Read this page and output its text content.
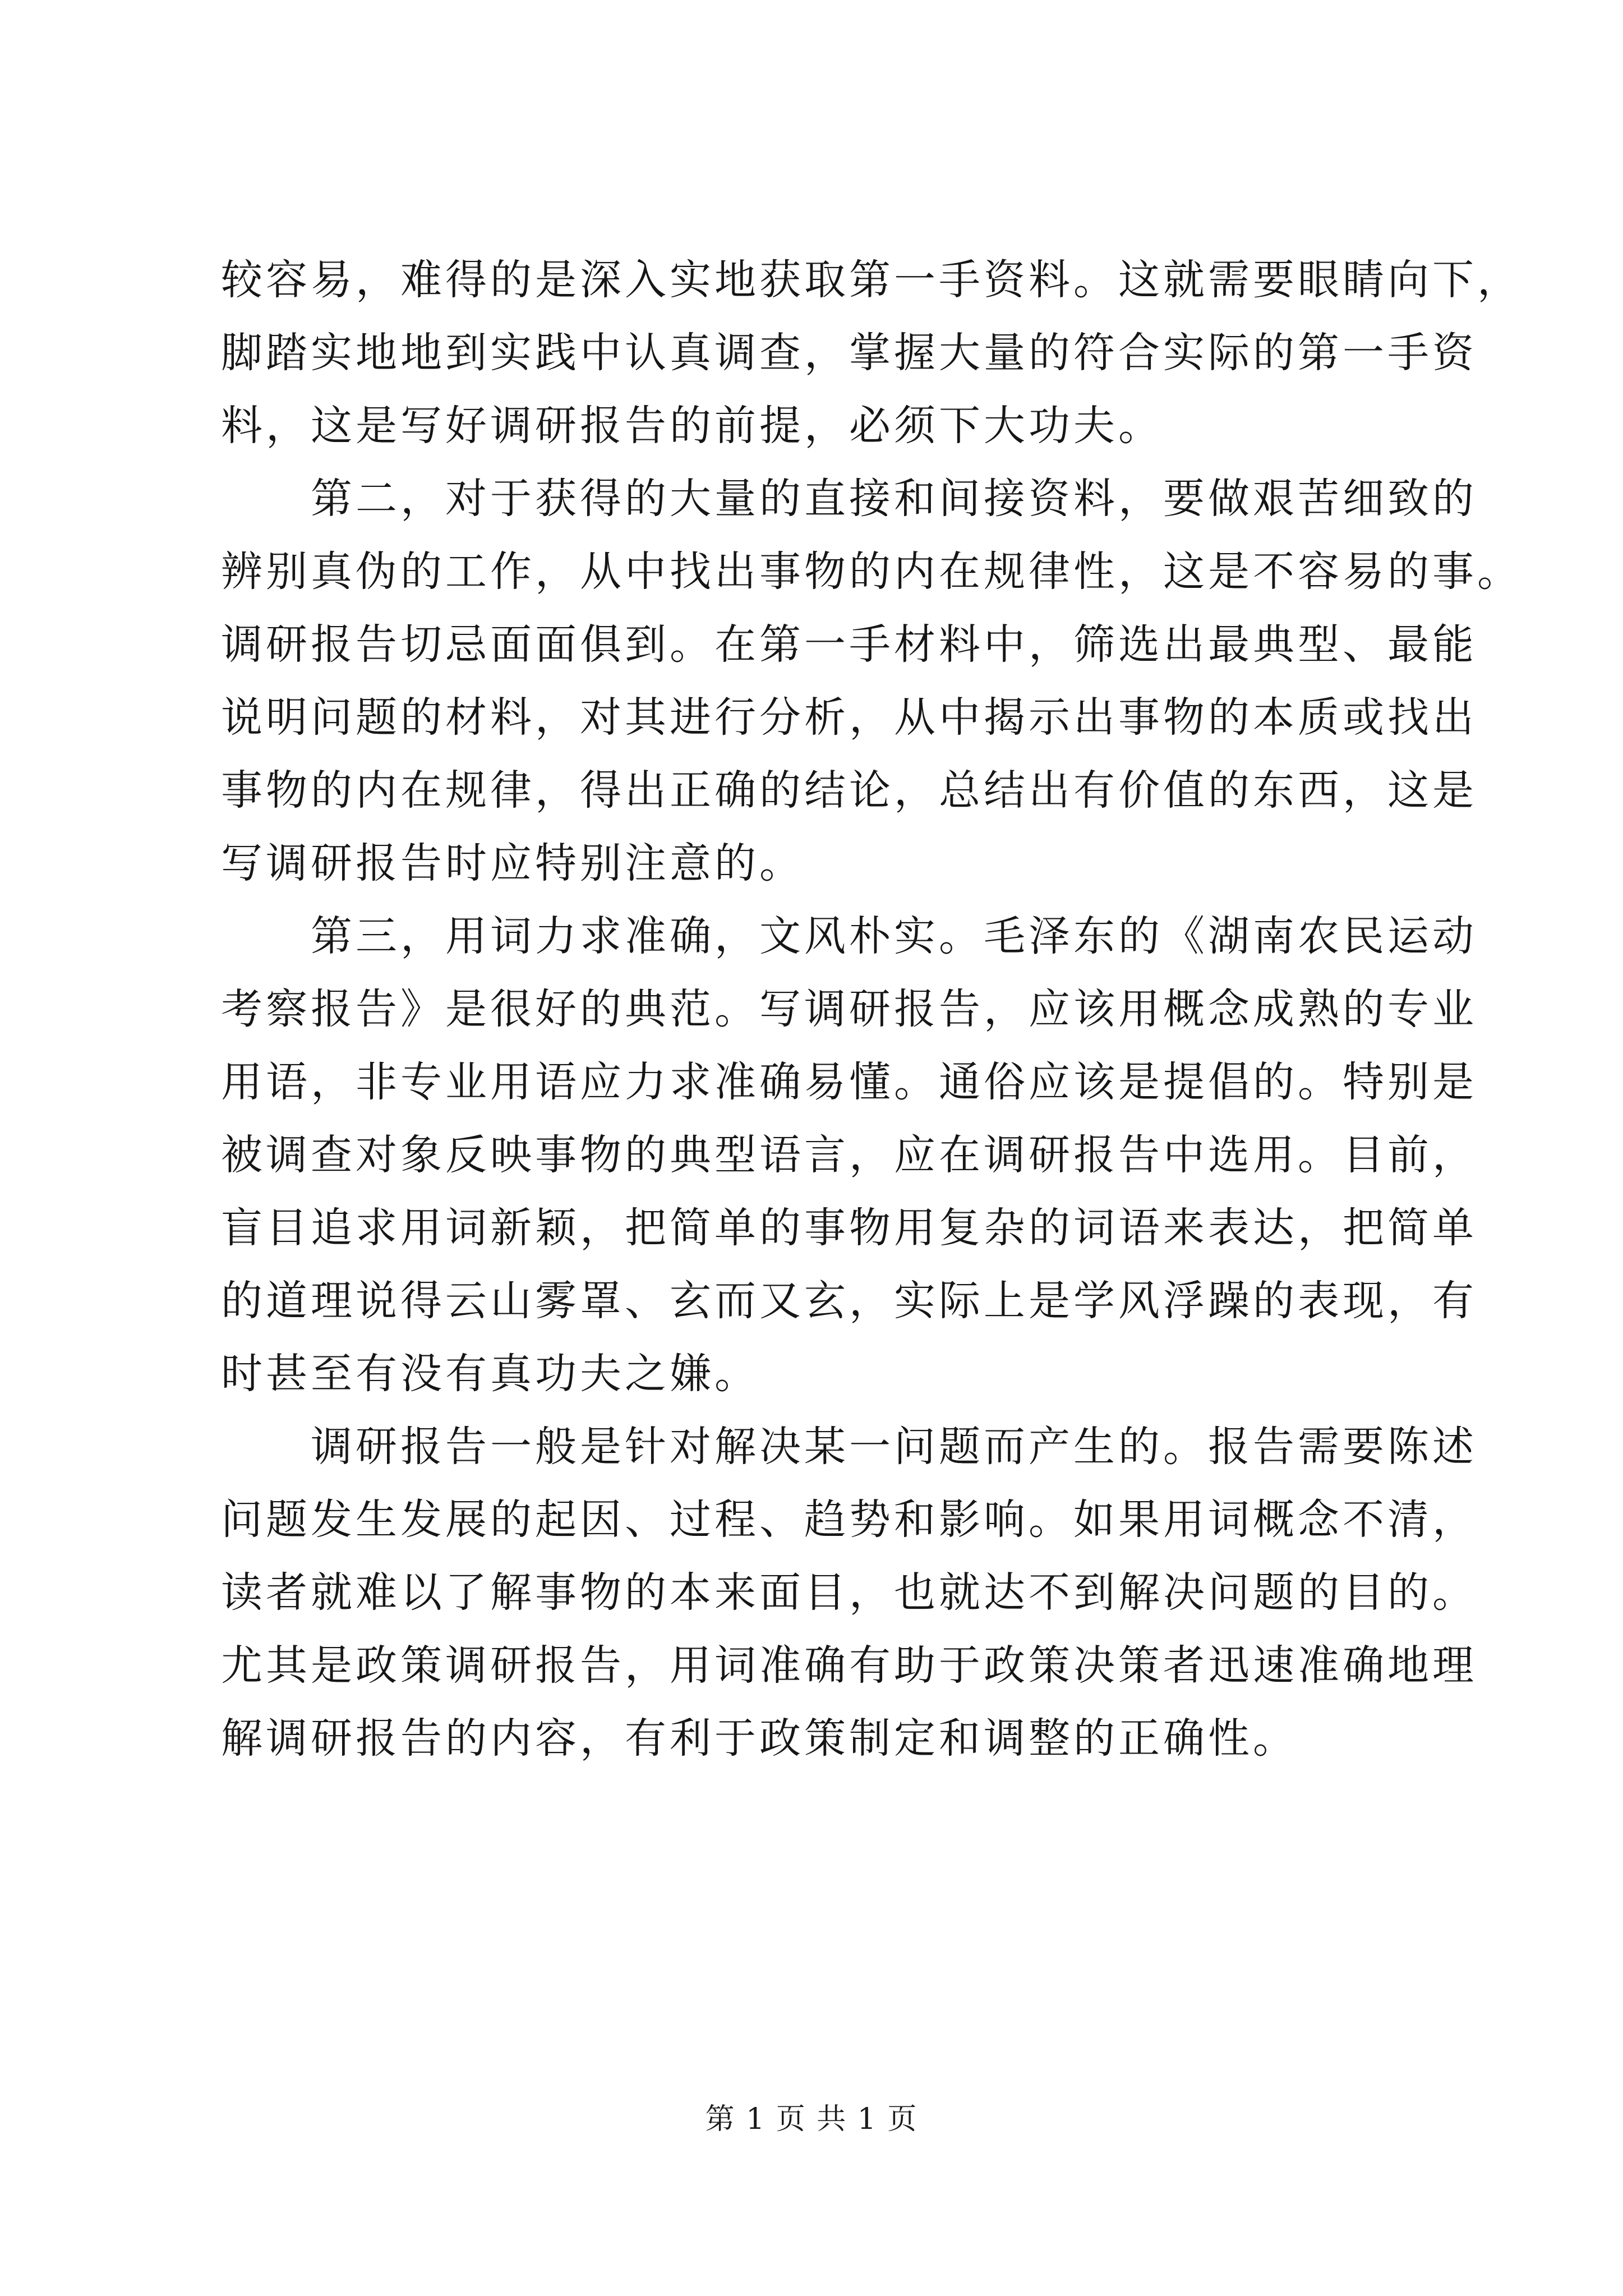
较容易，难得的是深入实地获取第一手资料。这就需要眼睛向下，
脚踏实地地到实践中认真调查，掌握大量的符合实际的第一手资
料，这是写好调研报告的前提，必须下大功夫。

第二，对于获得的大量的直接和间接资料，要做艰苦细致的
辨别真伪的工作，从中找出事物的内在规律性，这是不容易的事。
调研报告切忌面面俱到。在第一手材料中，筛选出最典型、最能
说明问题的材料，对其进行分析，从中揭示出事物的本质或找出
事物的内在规律，得出正确的结论，总结出有价值的东西，这是
写调研报告时应特别注意的。

第三，用词力求准确，文风朴实。毛泽东的《湖南农民运动
考察报告》是很好的典范。写调研报告，应该用概念成熟的专业
用语，非专业用语应力求准确易懂。通俗应该是提倡的。特别是
被调查对象反映事物的典型语言，应在调研报告中选用。目前，
盲目追求用词新颖，把简单的事物用复杂的词语来表达，把简单
的道理说得云山雾罩、玄而又玄，实际上是学风浮躁的表现，有
时甚至有没有真功夫之嫌。

调研报告一般是针对解决某一问题而产生的。报告需要陈述
问题发生发展的起因、过程、趋势和影响。如果用词概念不清，
读者就难以了解事物的本来面目，也就达不到解决问题的目的。
尤其是政策调研报告，用词准确有助于政策决策者迅速准确地理
解调研报告的内容，有利于政策制定和调整的正确性。

第 1 页 共 1 页
